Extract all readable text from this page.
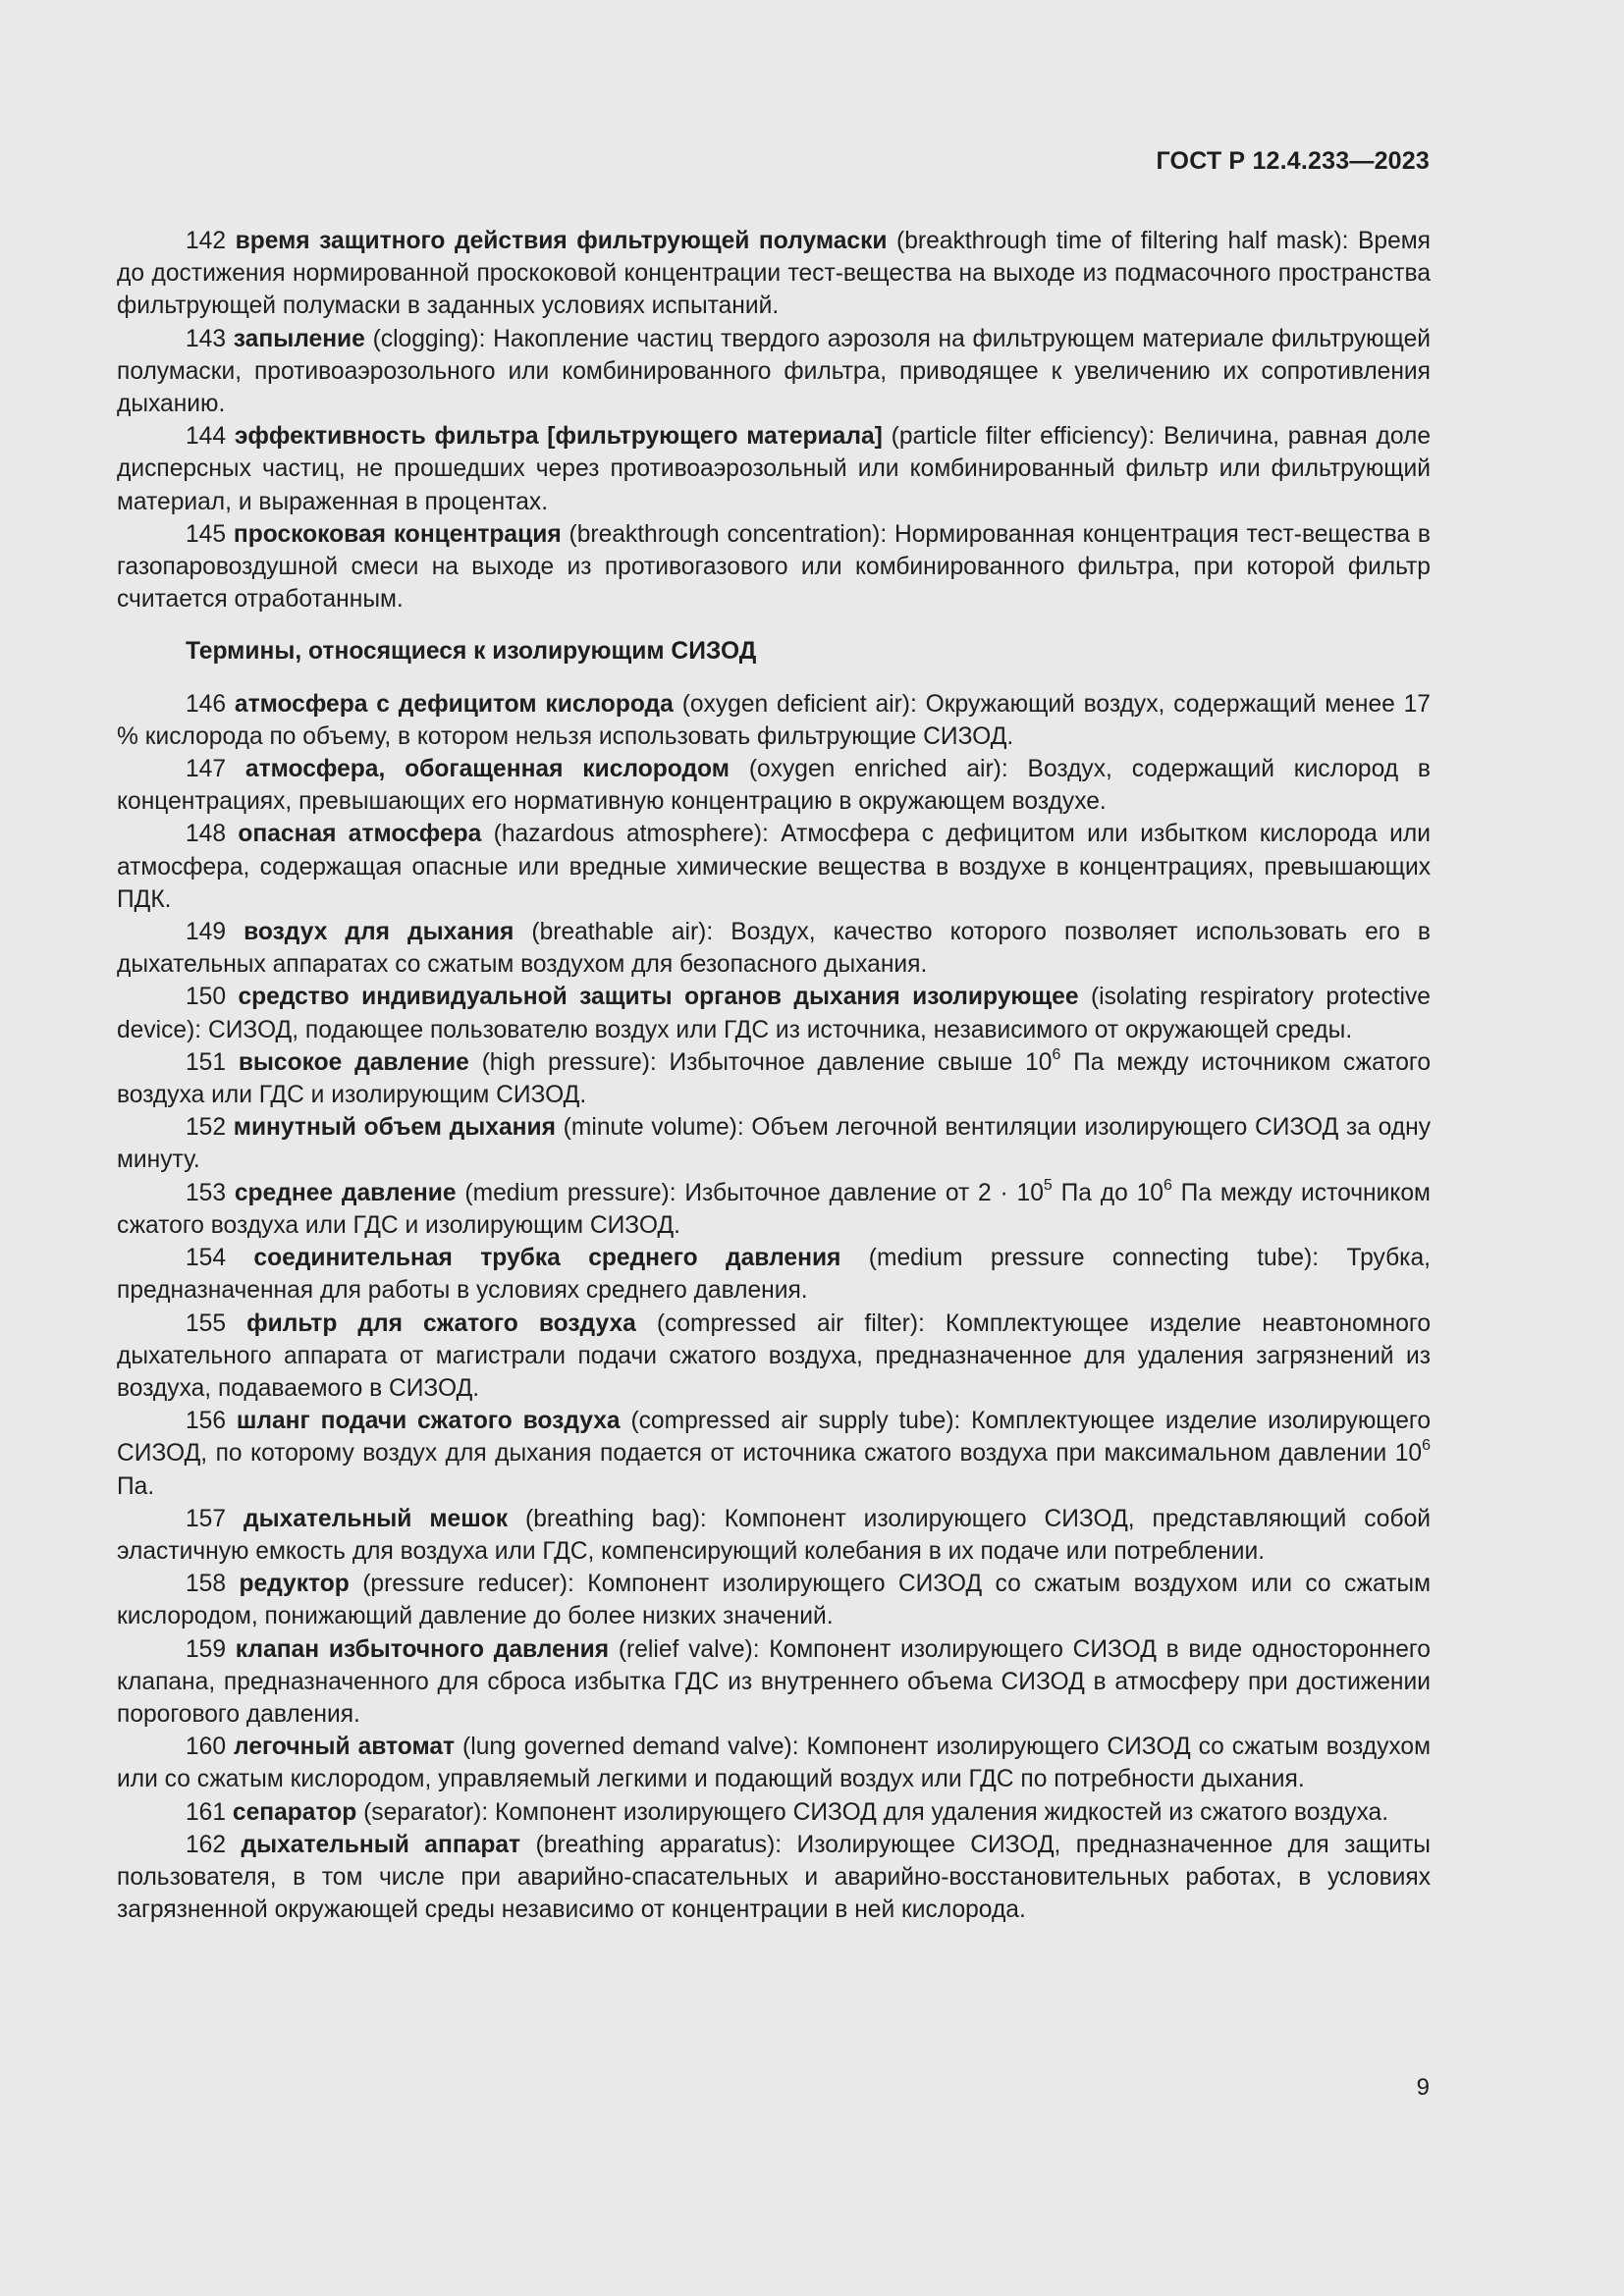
ГОСТ Р 12.4.233—2023

142 время защитного действия фильтрующей полумаски (breakthrough time of filtering half mask): Время до достижения нормированной проскоковой концентрации тест-вещества на выходе из подмасочного пространства фильтрующей полумаски в заданных условиях испытаний.

143 запыление (clogging): Накопление частиц твердого аэрозоля на фильтрующем материале фильтрующей полумаски, противоаэрозольного или комбинированного фильтра, приводящее к увеличению их сопротивления дыханию.

144 эффективность фильтра [фильтрующего материала] (particle filter efficiency): Величина, равная доле дисперсных частиц, не прошедших через противоаэрозольный или комбинированный фильтр или фильтрующий материал, и выраженная в процентах.

145 проскоковая концентрация (breakthrough concentration): Нормированная концентрация тест-вещества в газопаровоздушной смеси на выходе из противогазового или комбинированного фильтра, при которой фильтр считается отработанным.

Термины, относящиеся к изолирующим СИЗОД

146 атмосфера с дефицитом кислорода (oxygen deficient air): Окружающий воздух, содержащий менее 17 % кислорода по объему, в котором нельзя использовать фильтрующие СИЗОД.

147 атмосфера, обогащенная кислородом (oxygen enriched air): Воздух, содержащий кислород в концентрациях, превышающих его нормативную концентрацию в окружающем воздухе.

148 опасная атмосфера (hazardous atmosphere): Атмосфера с дефицитом или избытком кислорода или атмосфера, содержащая опасные или вредные химические вещества в воздухе в концентрациях, превышающих ПДК.

149 воздух для дыхания (breathable air): Воздух, качество которого позволяет использовать его в дыхательных аппаратах со сжатым воздухом для безопасного дыхания.

150 средство индивидуальной защиты органов дыхания изолирующее (isolating respiratory protective device): СИЗОД, подающее пользователю воздух или ГДС из источника, независимого от окружающей среды.

151 высокое давление (high pressure): Избыточное давление свыше $10^6$ Па между источником сжатого воздуха или ГДС и изолирующим СИЗОД.

152 минутный объем дыхания (minute volume): Объем легочной вентиляции изолирующего СИЗОД за одну минуту.

153 среднее давление (medium pressure): Избыточное давление от $2 \cdot 10^5$ Па до $10^6$ Па между источником сжатого воздуха или ГДС и изолирующим СИЗОД.

154 соединительная трубка среднего давления (medium pressure connecting tube): Трубка, предназначенная для работы в условиях среднего давления.

155 фильтр для сжатого воздуха (compressed air filter): Комплектующее изделие неавтономного дыхательного аппарата от магистрали подачи сжатого воздуха, предназначенное для удаления загрязнений из воздуха, подаваемого в СИЗОД.

156 шланг подачи сжатого воздуха (compressed air supply tube): Комплектующее изделие изолирующего СИЗОД, по которому воздух для дыхания подается от источника сжатого воздуха при максимальном давлении $10^6$ Па.

157 дыхательный мешок (breathing bag): Компонент изолирующего СИЗОД, представляющий собой эластичную емкость для воздуха или ГДС, компенсирующий колебания в их подаче или потреблении.

158 редуктор (pressure reducer): Компонент изолирующего СИЗОД со сжатым воздухом или со сжатым кислородом, понижающий давление до более низких значений.

159 клапан избыточного давления (relief valve): Компонент изолирующего СИЗОД в виде одностороннего клапана, предназначенного для сброса избытка ГДС из внутреннего объема СИЗОД в атмосферу при достижении порогового давления.

160 легочный автомат (lung governed demand valve): Компонент изолирующего СИЗОД со сжатым воздухом или со сжатым кислородом, управляемый легкими и подающий воздух или ГДС по потребности дыхания.

161 сепаратор (separator): Компонент изолирующего СИЗОД для удаления жидкостей из сжатого воздуха.

162 дыхательный аппарат (breathing apparatus): Изолирующее СИЗОД, предназначенное для защиты пользователя, в том числе при аварийно-спасательных и аварийно-восстановительных работах, в условиях загрязненной окружающей среды независимо от концентрации в ней кислорода.

9
